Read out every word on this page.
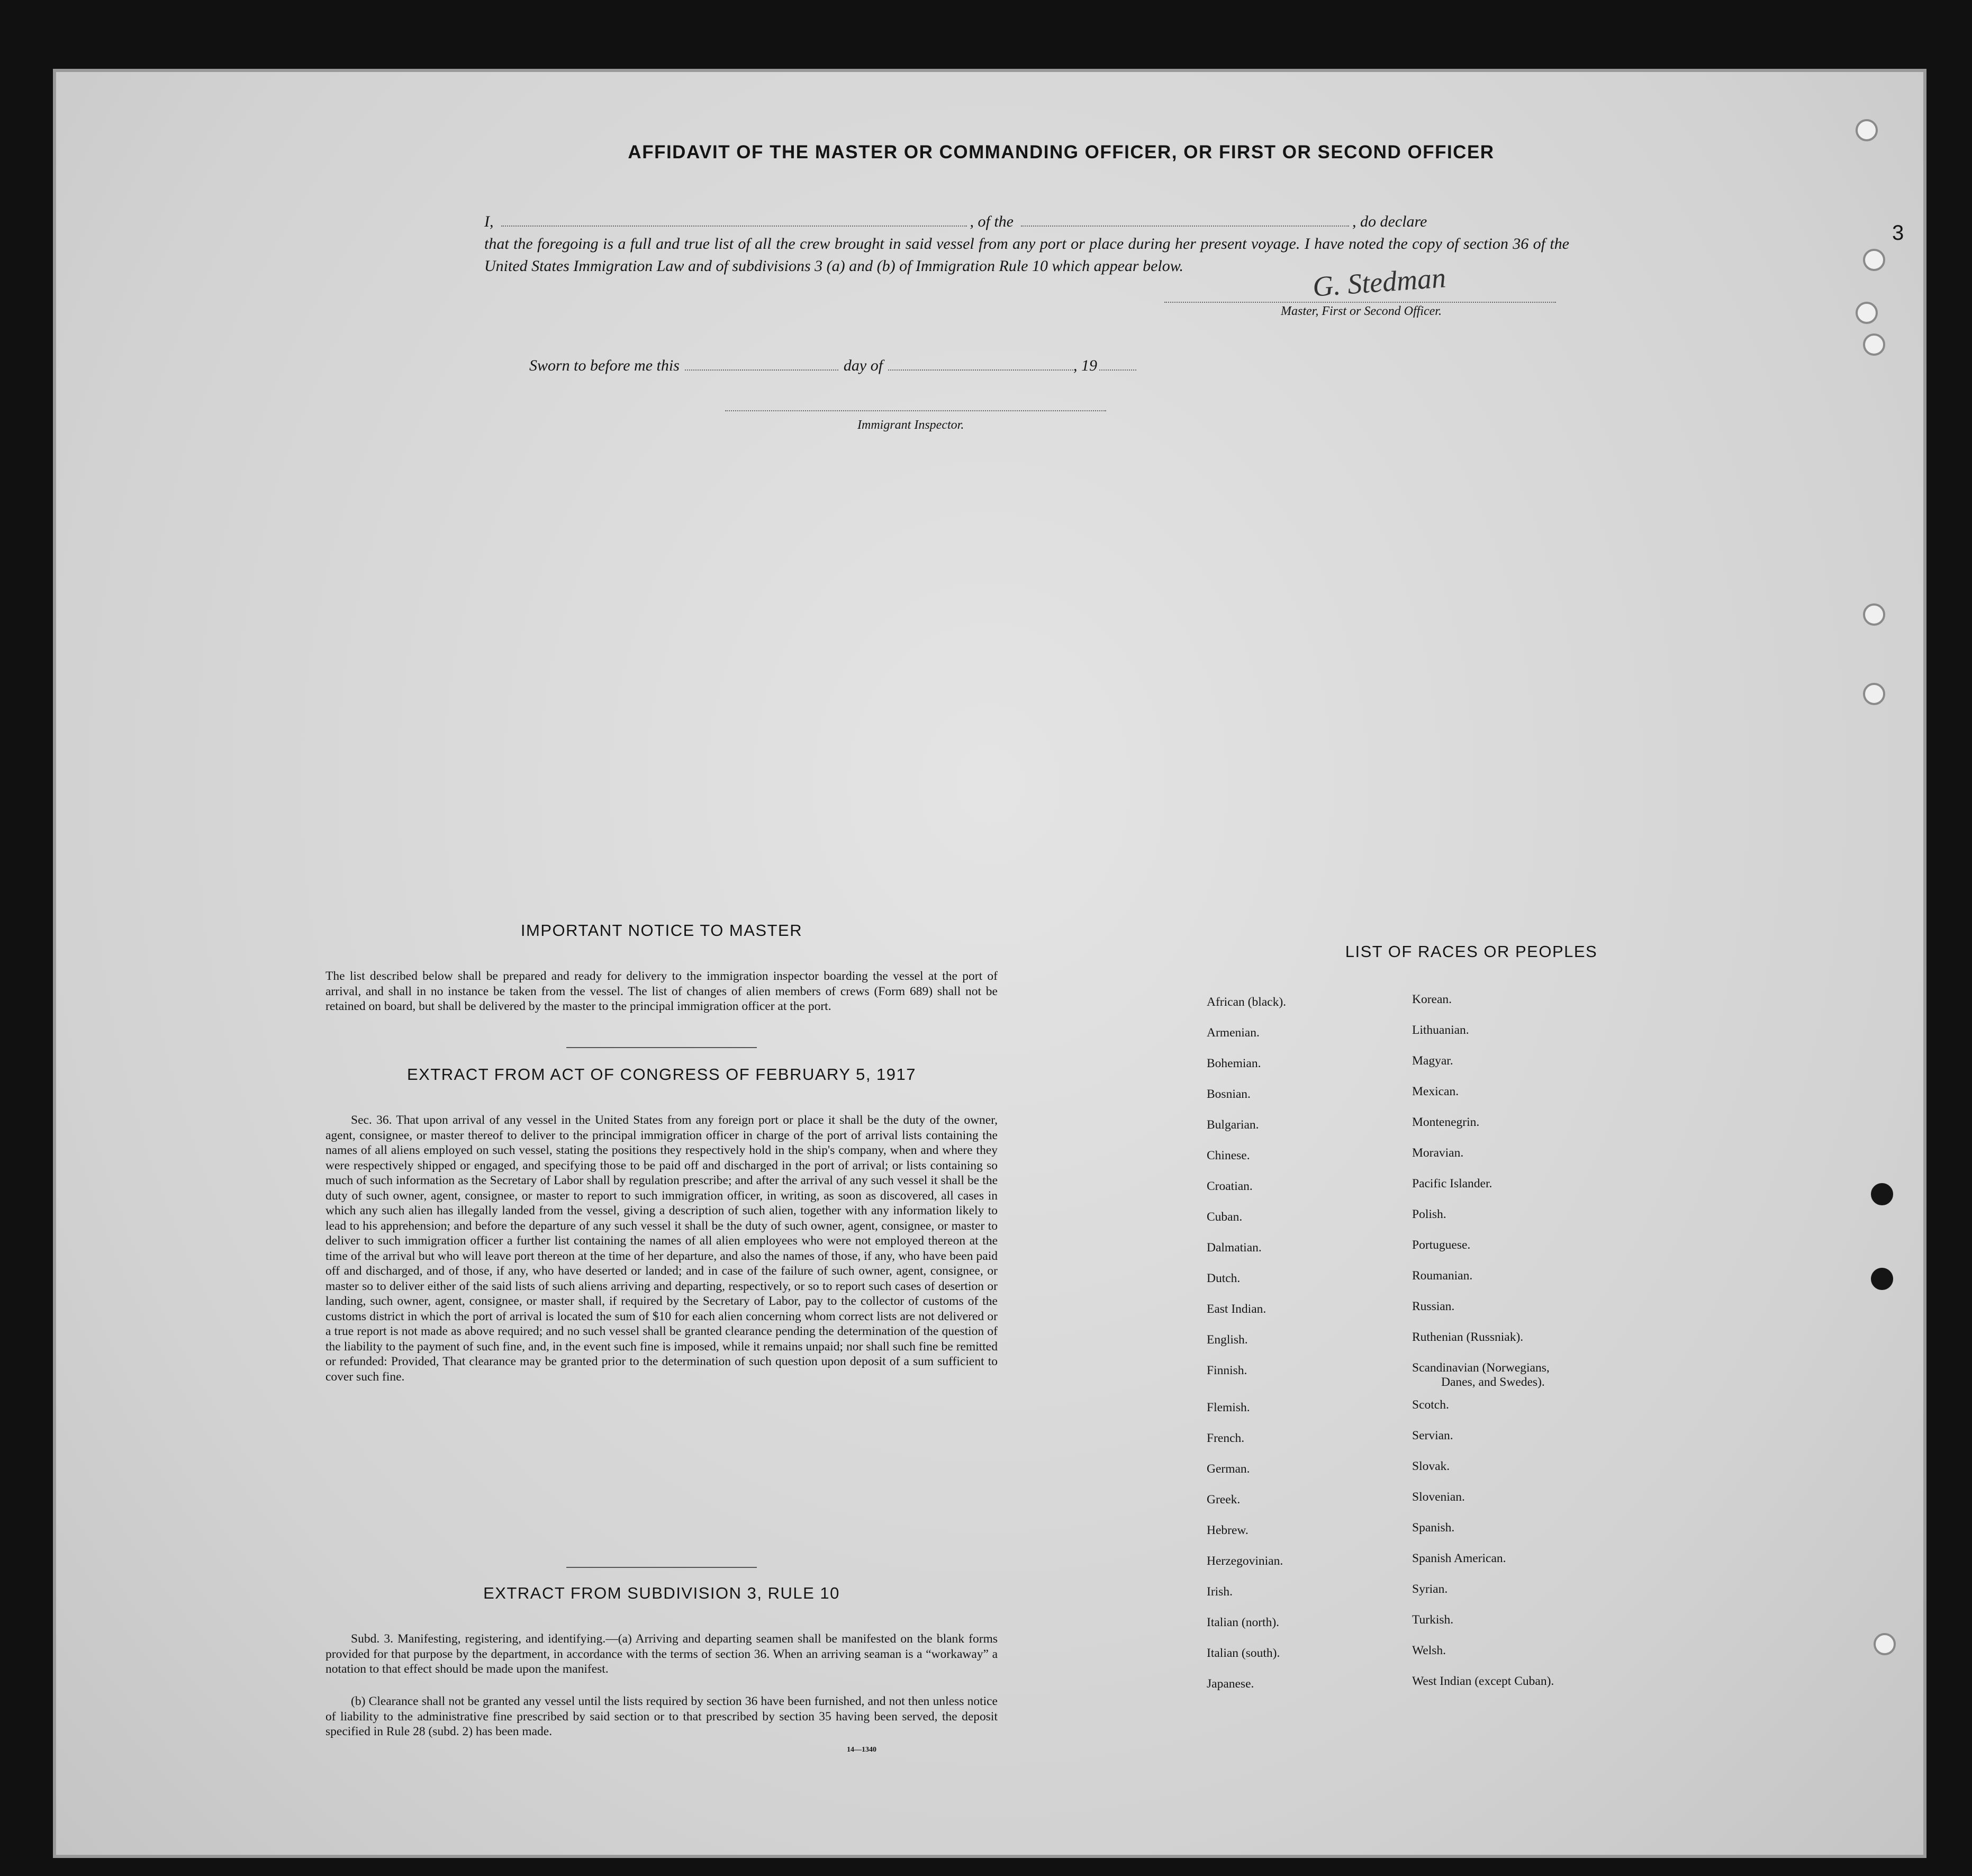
3
AFFIDAVIT OF THE MASTER OR COMMANDING OFFICER, OR FIRST OR SECOND OFFICER
I,	, of the	, do declare

that the foregoing is a full and true list of all the crew brought in said vessel from any port or place during her present voyage. I have noted the copy of section 36 of the United States Immigration Law and of subdivisions 3 (a) and (b) of Immigration Rule 10 which appear below.	G. Stedman
Master, First or Second Officer.
Sworn to before me this	day of	, 19
Immigrant Inspector.
IMPORTANT NOTICE TO MASTER

The list described below shall be prepared and ready for delivery to the immigration inspector boarding the vessel at the port of arrival, and shall in no instance be taken from the vessel. The list of changes of alien members of crews (Form 689) shall not be retained on board, but shall be delivered by the master to the principal immigration officer at the port.

EXTRACT FROM ACT OF CONGRESS OF FEBRUARY 5, 1917

Sec. 36. That upon arrival of any vessel in the United States from any foreign port or place it shall be the duty of the owner, agent, consignee, or master thereof to deliver to the principal immigration officer in charge of the port of arrival lists containing the names of all aliens employed on such vessel, stating the positions they respectively hold in the ship's company, when and where they were respectively shipped or engaged, and specifying those to be paid off and discharged in the port of arrival; or lists containing so much of such information as the Secretary of Labor shall by regulation prescribe; and after the arrival of any such vessel it shall be the duty of such owner, agent, consignee, or master to report to such immigration officer, in writing, as soon as discovered, all cases in which any such alien has illegally landed from the vessel, giving a description of such alien, together with any information likely to lead to his apprehension; and before the departure of any such vessel it shall be the duty of such owner, agent, consignee, or master to deliver to such immigration officer a further list containing the names of all alien employees who were not employed thereon at the time of the arrival but who will leave port thereon at the time of her departure, and also the names of those, if any, who have been paid off and discharged, and of those, if any, who have deserted or landed; and in case of the failure of such owner, agent, consignee, or master so to deliver either of the said lists of such aliens arriving and departing, respectively, or so to report such cases of desertion or landing, such owner, agent, consignee, or master shall, if required by the Secretary of Labor, pay to the collector of customs of the customs district in which the port of arrival is located the sum of $10 for each alien concerning whom correct lists are not delivered or a true report is not made as above required; and no such vessel shall be granted clearance pending the determination of the question of the liability to the payment of such fine, and, in the event such fine is imposed, while it remains unpaid; nor shall such fine be remitted or refunded: Provided, That clearance may be granted prior to the determination of such question upon deposit of a sum sufficient to cover such fine.

EXTRACT FROM SUBDIVISION 3, RULE 10

Subd. 3. Manifesting, registering, and identifying.—(a) Arriving and departing seamen shall be manifested on the blank forms provided for that purpose by the department, in accordance with the terms of section 36. When an arriving seaman is a “workaway” a notation to that effect should be made upon the manifest.

(b) Clearance shall not be granted any vessel until the lists required by section 36 have been furnished, and not then unless notice of liability to the administrative fine prescribed by said section or to that prescribed by section 35 having been served, the deposit specified in Rule 28 (subd. 2) has been made.

14—1340
LIST OF RACES OR PEOPLES
African (black).
Armenian.
Bohemian.
Bosnian.
Bulgarian.
Chinese.
Croatian.
Cuban.
Dalmatian.
Dutch.
East Indian.
English.
Finnish.
Flemish.
French.
German.
Greek.
Hebrew.
Herzegovinian.
Irish.
Italian (north).
Italian (south).
Japanese.
Korean.
Lithuanian.
Magyar.
Mexican.
Montenegrin.
Moravian.
Pacific Islander.
Polish.
Portuguese.
Roumanian.
Russian.
Ruthenian (Russniak).
Scandinavian (Norwegians,
Danes, and Swedes).
Scotch.
Servian.
Slovak.
Slovenian.
Spanish.
Spanish American.
Syrian.
Turkish.
Welsh.
West Indian (except Cuban).
